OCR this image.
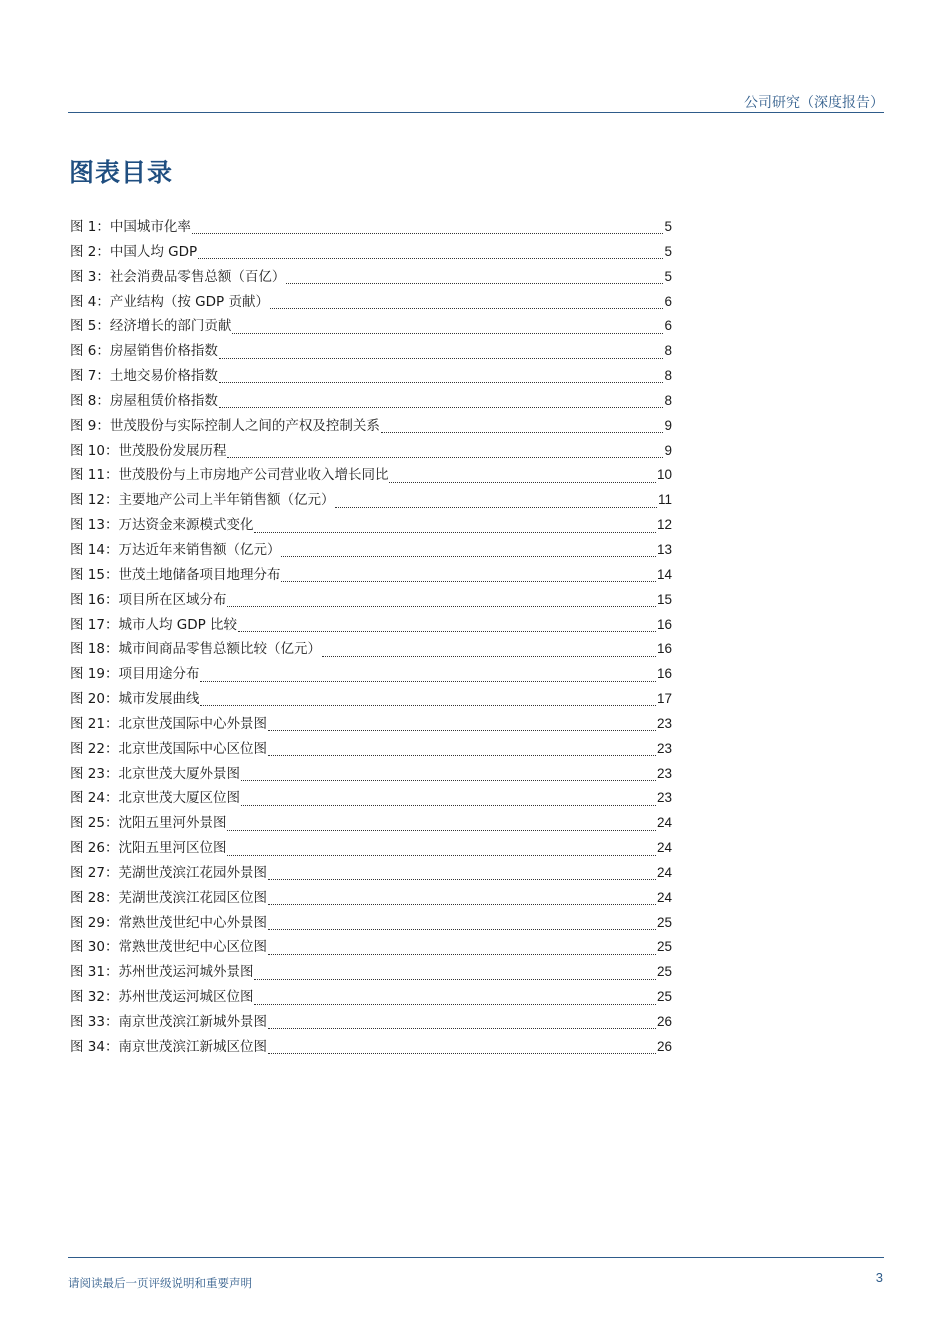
公司研究（深度报告）
图表目录
图 1：中国城市化率	5
图 2：中国人均 GDP	5
图 3：社会消费品零售总额（百亿）	5
图 4：产业结构（按 GDP 贡献）	6
图 5：经济增长的部门贡献	6
图 6：房屋销售价格指数	8
图 7：土地交易价格指数	8
图 8：房屋租赁价格指数	8
图 9：世茂股份与实际控制人之间的产权及控制关系	9
图 10：世茂股份发展历程	9
图 11：世茂股份与上市房地产公司营业收入增长同比	10
图 12：主要地产公司上半年销售额（亿元）	11
图 13：万达资金来源模式变化	12
图 14：万达近年来销售额（亿元）	13
图 15：世茂土地储备项目地理分布	14
图 16：项目所在区域分布	15
图 17：城市人均 GDP 比较	16
图 18：城市间商品零售总额比较（亿元）	16
图 19：项目用途分布	16
图 20：城市发展曲线	17
图 21：北京世茂国际中心外景图	23
图 22：北京世茂国际中心区位图	23
图 23：北京世茂大厦外景图	23
图 24：北京世茂大厦区位图	23
图 25：沈阳五里河外景图	24
图 26：沈阳五里河区位图	24
图 27：芜湖世茂滨江花园外景图	24
图 28：芜湖世茂滨江花园区位图	24
图 29：常熟世茂世纪中心外景图	25
图 30：常熟世茂世纪中心区位图	25
图 31：苏州世茂运河城外景图	25
图 32：苏州世茂运河城区位图	25
图 33：南京世茂滨江新城外景图	26
图 34：南京世茂滨江新城区位图	26
请阅读最后一页评级说明和重要声明	3
